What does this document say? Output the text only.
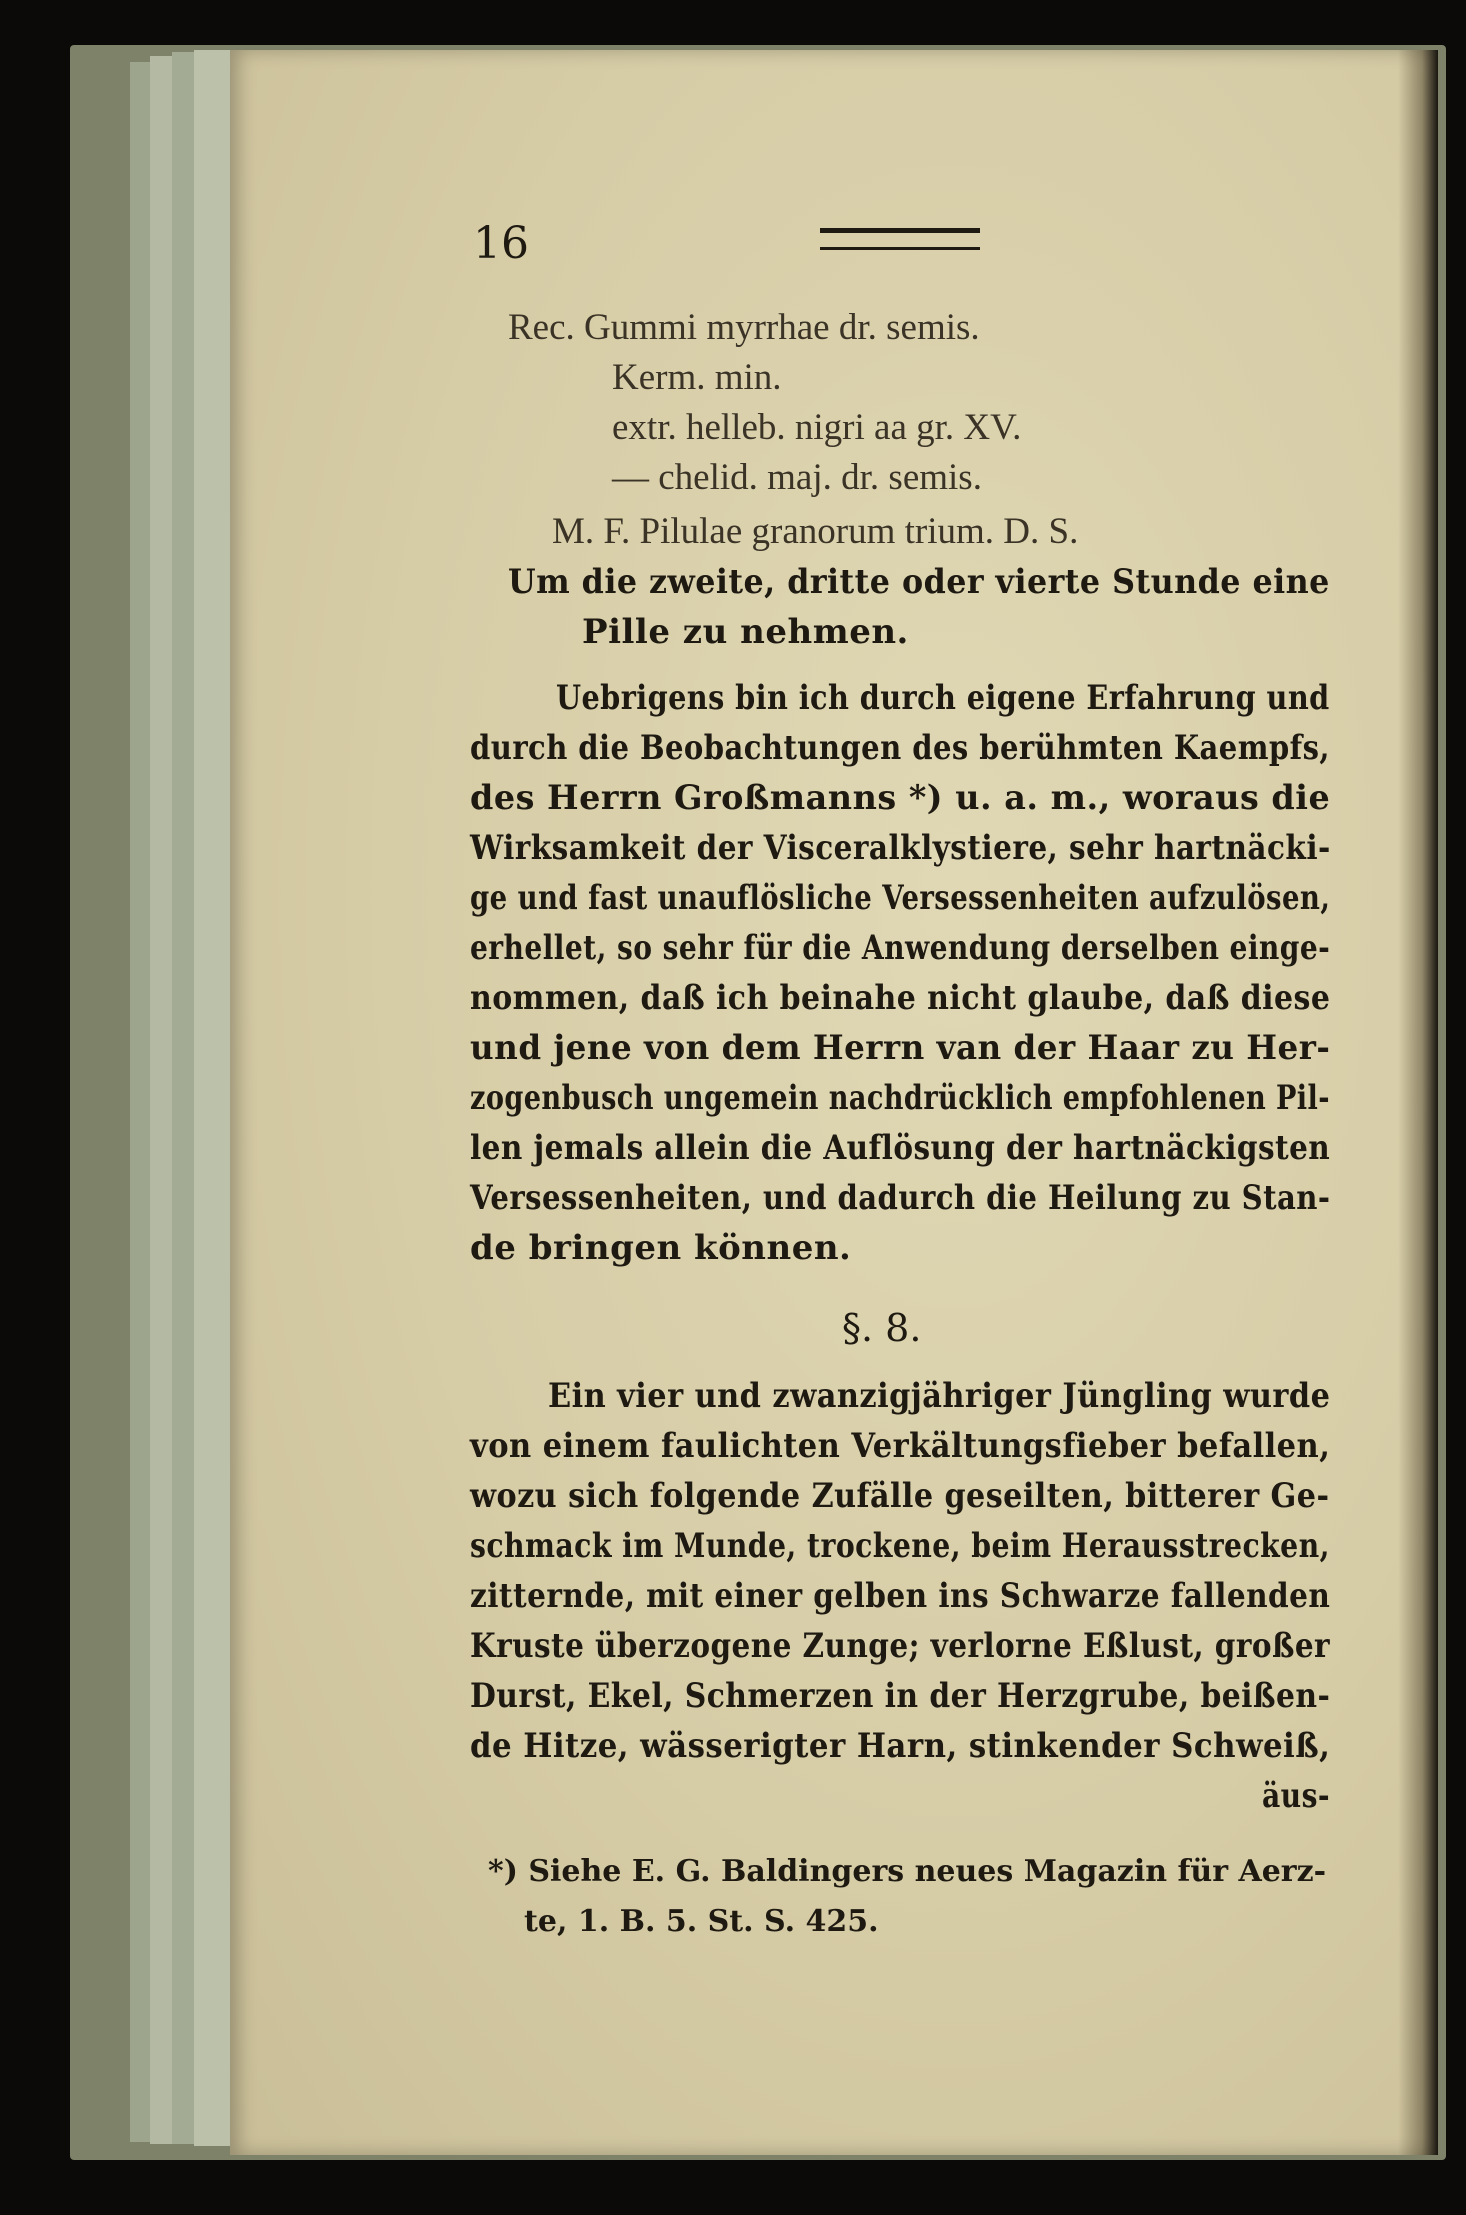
16
Rec. Gummi myrrhae dr. semis.
Kerm. min.
extr. helleb. nigri aa gr. XV.
— chelid. maj. dr. semis.
M. F. Pilulae granorum trium. D. S.
Um die zweite, dritte oder vierte Stunde eine
Pille zu nehmen.
Uebrigens bin ich durch eigene Erfahrung und
durch die Beobachtungen des berühmten Kaempfs,
des Herrn Großmanns *) u. a. m., woraus die
Wirksamkeit der Visceralklystiere, sehr hartnäcki-
ge und fast unauflösliche Versessenheiten aufzulösen,
erhellet, so sehr für die Anwendung derselben einge-
nommen, daß ich beinahe nicht glaube, daß diese
und jene von dem Herrn van der Haar zu Her-
zogenbusch ungemein nachdrücklich empfohlenen Pil-
len jemals allein die Auflösung der hartnäckigsten
Versessenheiten, und dadurch die Heilung zu Stan-
de bringen können.
§. 8.
Ein vier und zwanzigjähriger Jüngling wurde
von einem faulichten Verkältungsfieber befallen,
wozu sich folgende Zufälle geseilten, bitterer Ge-
schmack im Munde, trockene, beim Herausstrecken,
zitternde, mit einer gelben ins Schwarze fallenden
Kruste überzogene Zunge; verlorne Eßlust, großer
Durst, Ekel, Schmerzen in der Herzgrube, beißen-
de Hitze, wässerigter Harn, stinkender Schweiß,
äus-
*) Siehe E. G. Baldingers neues Magazin für Aerz-
te, 1. B. 5. St. S. 425.
